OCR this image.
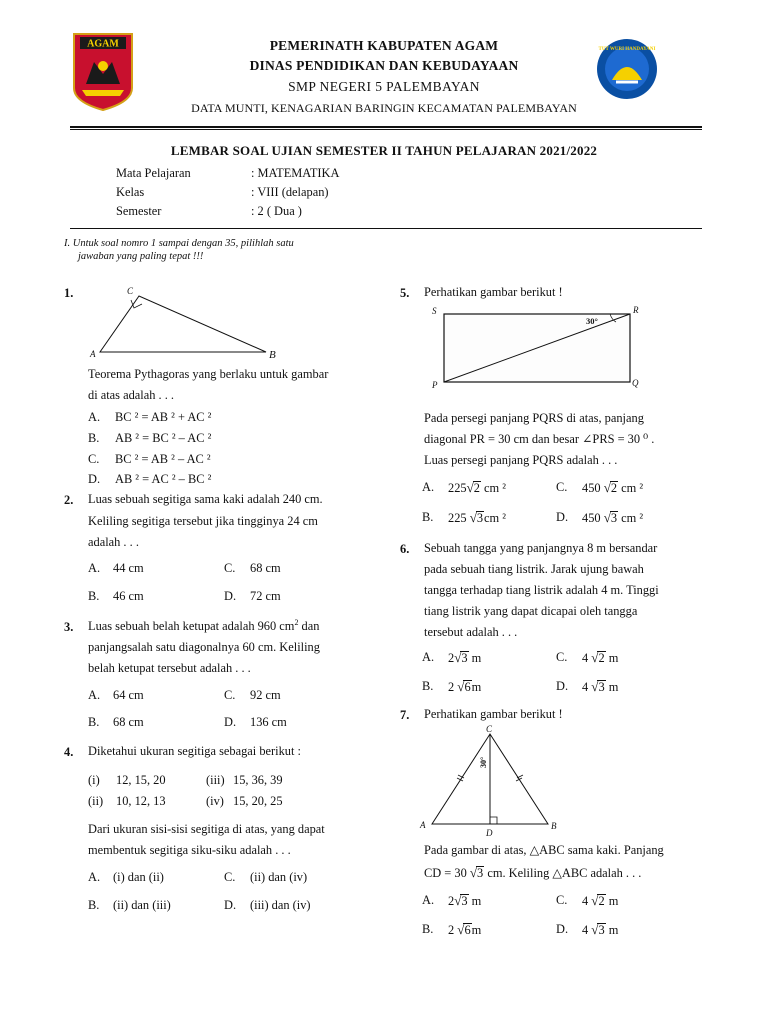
AGAM	TUT WURI HANDAYANI
PEMERINATH KABUPATEN AGAM
DINAS PENDIDIKAN DAN KEBUDAYAAN
SMP NEGERI 5 PALEMBAYAN
DATA MUNTI, KENAGARIAN BARINGIN KECAMATAN PALEMBAYAN
LEMBAR SOAL UJIAN SEMESTER II TAHUN PELAJARAN 2021/2022
Mata Pelajaran	: MATEMATIKA
Kelas	: VIII (delapan)
Semester	: 2 ( Dua )
I. Untuk soal nomro 1 sampai dengan 35, pilihlah satu
jawaban yang paling tepat !!!
1.	C
A	B
Teorema Pythagoras yang berlaku untuk gambar
di atas adalah . . .
A. BC ² = AB ² + AC ²
B. AB ² = BC ² – AC ²
C. BC ² = AB ² – AC ²
D. AB ² = AC ² – BC ²
2. Luas sebuah segitiga sama kaki adalah 240 cm.
Keliling segitiga tersebut jika tingginya 24 cm
adalah . . .
A. 44 cm	C. 68 cm
B. 46 cm	D. 72 cm
3. Luas sebuah belah ketupat adalah 960 $cm^2$ dan
panjangsalah satu diagonalnya 60 cm. Keliling
belah ketupat tersebut adalah . . .
A. 64 cm	C. 92 cm
B. 68 cm	D. 136 cm
4. Diketahui ukuran segitiga sebagai berikut :
(i) 12, 15, 20	(iii) 15, 36, 39
(ii) 10, 12, 13	(iv) 15, 20, 25
Dari ukuran sisi-sisi segitiga di atas, yang dapat
membentuk segitiga siku-siku adalah . . .
A. (i) dan (ii)	C. (ii) dan (iv)
B. (ii) dan (iii)	D. (iii) dan (iv)
5. Perhatikan gambar berikut !
S	R
P	Q
30°
Pada persegi panjang PQRS di atas, panjang
diagonal PR = 30 cm dan besar ∠PRS = 30 ⁰ .
Luas persegi panjang PQRS adalah . . .
A. 225√2 cm ²	C. 450 √2 cm ²
B. 225 √3cm ²	D. 450 √3 cm ²
6. Sebuah tangga yang panjangnya 8 m bersandar
pada sebuah tiang listrik. Jarak ujung bawah
tangga terhadap tiang listrik adalah 4 m. Tinggi
tiang listrik yang dapat dicapai oleh tangga
tersebut adalah . . .
A. 2√3 m	C. 4 √2 m
B. 2 √6m	D. 4 √3 m
7. Perhatikan gambar berikut !
C
A	B
D
30°
Pada gambar di atas, △ABC sama kaki. Panjang
CD = 30 √3 cm. Keliling △ABC adalah . . .
A. 2√3 m	C. 4 √2 m
B. 2 √6m	D. 4 √3 m
